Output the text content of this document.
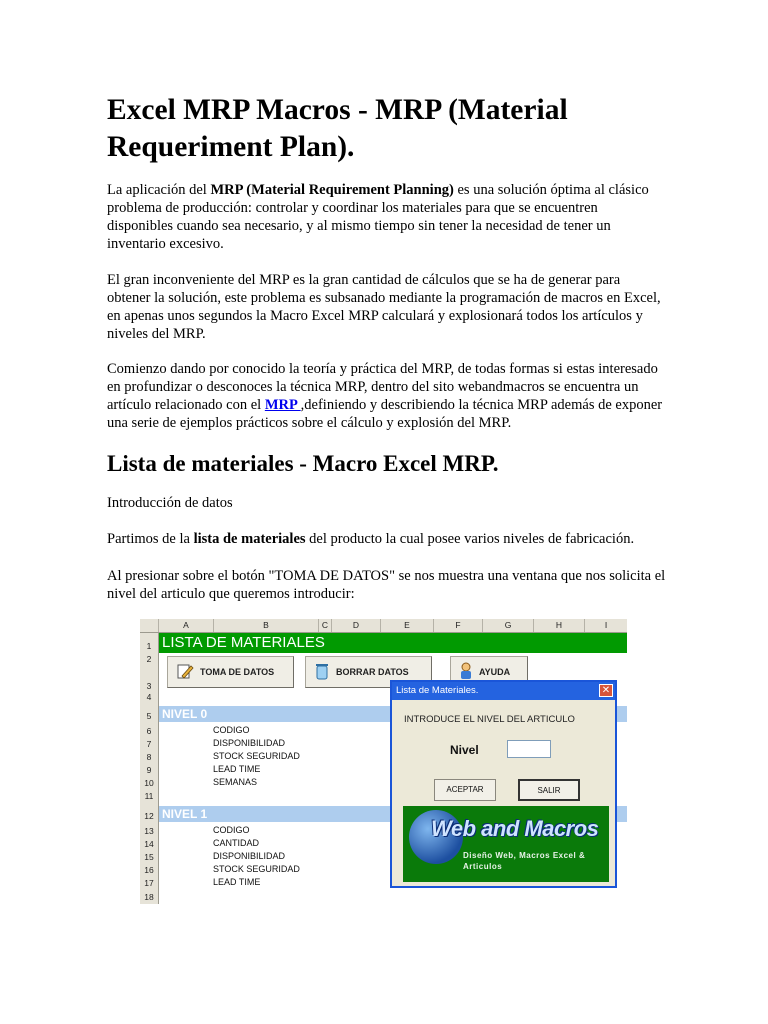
Excel MRP Macros - MRP (Material Requeriment Plan).

La aplicación del MRP (Material Requirement Planning) es una solución óptima al clásico problema de producción: controlar y coordinar los materiales para que se encuentren disponibles cuando sea necesario, y al mismo tiempo sin tener la necesidad de tener un inventario excesivo.

El gran inconveniente del MRP es la gran cantidad de cálculos que se ha de generar para obtener la solución, este problema es subsanado mediante la programación de macros en Excel, en apenas unos segundos la Macro Excel MRP calculará y explosionará todos los artículos y niveles del MRP.

Comienzo dando por conocido la teoría y práctica del MRP, de todas formas si estas interesado en profundizar o desconoces la técnica MRP, dentro del sito webandmacros se encuentra un artículo relacionado con el MRP ,definiendo y describiendo la técnica MRP además de exponer una serie de ejemplos prácticos sobre el cálculo y explosión del MRP.

Lista de materiales - Macro Excel MRP.

Introducción de datos

Partimos de la lista de materiales del producto la cual posee varios niveles de fabricación.

Al presionar sobre el botón "TOMA DE DATOS" se nos muestra una ventana que nos solicita el nivel del articulo que queremos introducir:

A	B	C	D	E	F	G	H	I
1
2
3
4
5
6
7
8
9
10
11
12
13
14
15
16
17
18
LISTA DE MATERIALES
TOMA DE DATOS	BORRAR DATOS	AYUDA
NIVEL 0
CODIGO
DISPONIBILIDAD
STOCK SEGURIDAD
LEAD TIME
SEMANAS
NIVEL 1
CODIGO
CANTIDAD
DISPONIBILIDAD
STOCK SEGURIDAD
LEAD TIME
Lista de Materiales.	✕
INTRODUCE EL NIVEL DEL ARTICULO
Nivel
ACEPTAR	SALIR
Web and Macros
Diseño Web, Macros Excel & Articulos
